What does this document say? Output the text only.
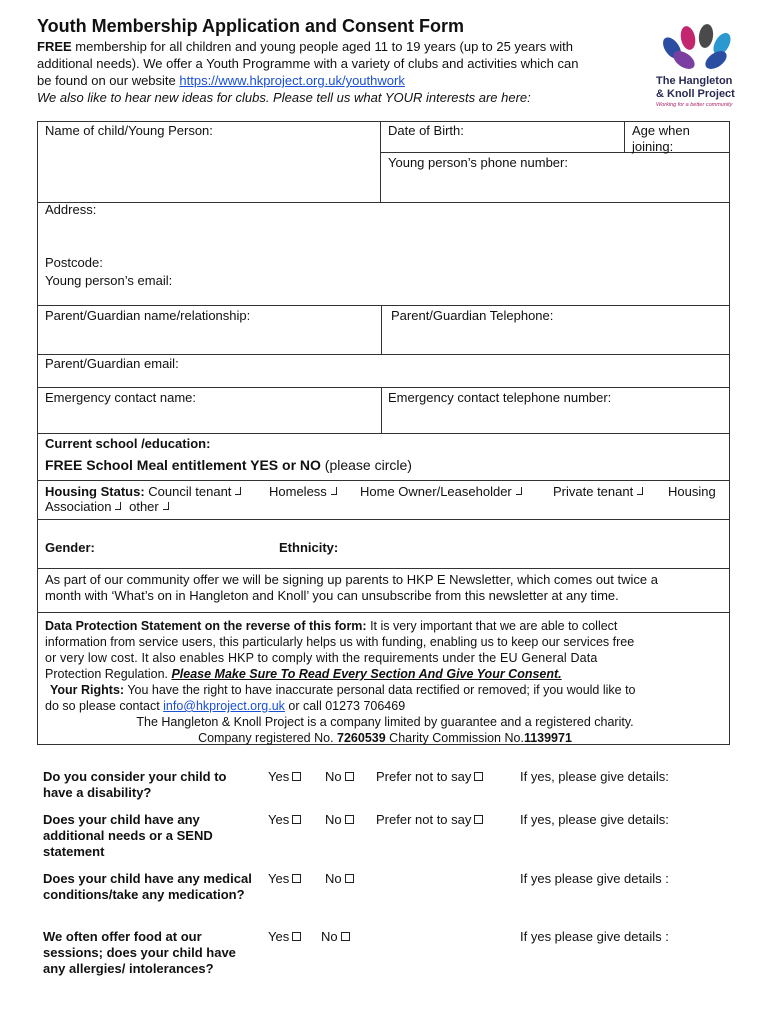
Youth Membership Application and Consent Form
FREE membership for all children and young people aged 11 to 19 years (up to 25 years with
additional needs). We offer a Youth Programme with a variety of clubs and activities which can
be found on our website https://www.hkproject.org.uk/youthwork
We also like to hear new ideas for clubs. Please tell us what YOUR interests are here:
The Hangleton
& Knoll Project
Working for a better community
Name of child/Young Person:	Date of Birth:	Age when
joining:
Young person’s phone number:
Address:
Postcode:
Young person’s email:
Parent/Guardian name/relationship:	Parent/Guardian Telephone:
Parent/Guardian email:
Emergency contact name:	Emergency contact telephone number:
Current school /education:
FREE School Meal entitlement YES or NO (please circle)
Housing Status: Council tenant	Homeless	Home Owner/Leaseholder	Private tenant	Housing
Association other
Gender:	Ethnicity:
As part of our community offer we will be signing up parents to HKP E Newsletter, which comes out twice a
month with ‘What’s on in Hangleton and Knoll’ you can unsubscribe from this newsletter at any time.
Data Protection Statement on the reverse of this form: It is very important that we are able to collect
information from service users, this particularly helps us with funding, enabling us to keep our services free
or very low cost. It also enables HKP to comply with the requirements under the EU General Data
Protection Regulation. Please Make Sure To Read Every Section And Give Your Consent.
Your Rights: You have the right to have inaccurate personal data rectified or removed; if you would like to
do so please contact info@hkproject.org.uk or call 01273 706469
The Hangleton & Knoll Project is a company limited by guarantee and a registered charity.
Company registered No. 7260539 Charity Commission No.1139971
Do you consider your child to have a disability?
Yes	No	Prefer not to say	If yes, please give details:
Does your child have any additional needs or a SEND statement
Yes	No	Prefer not to say	If yes, please give details:
Does your child have any medical conditions/take any medication?
Yes	No	If yes please give details :
We often offer food at our sessions; does your child have any allergies/ intolerances?
Yes	No	If yes please give details :
